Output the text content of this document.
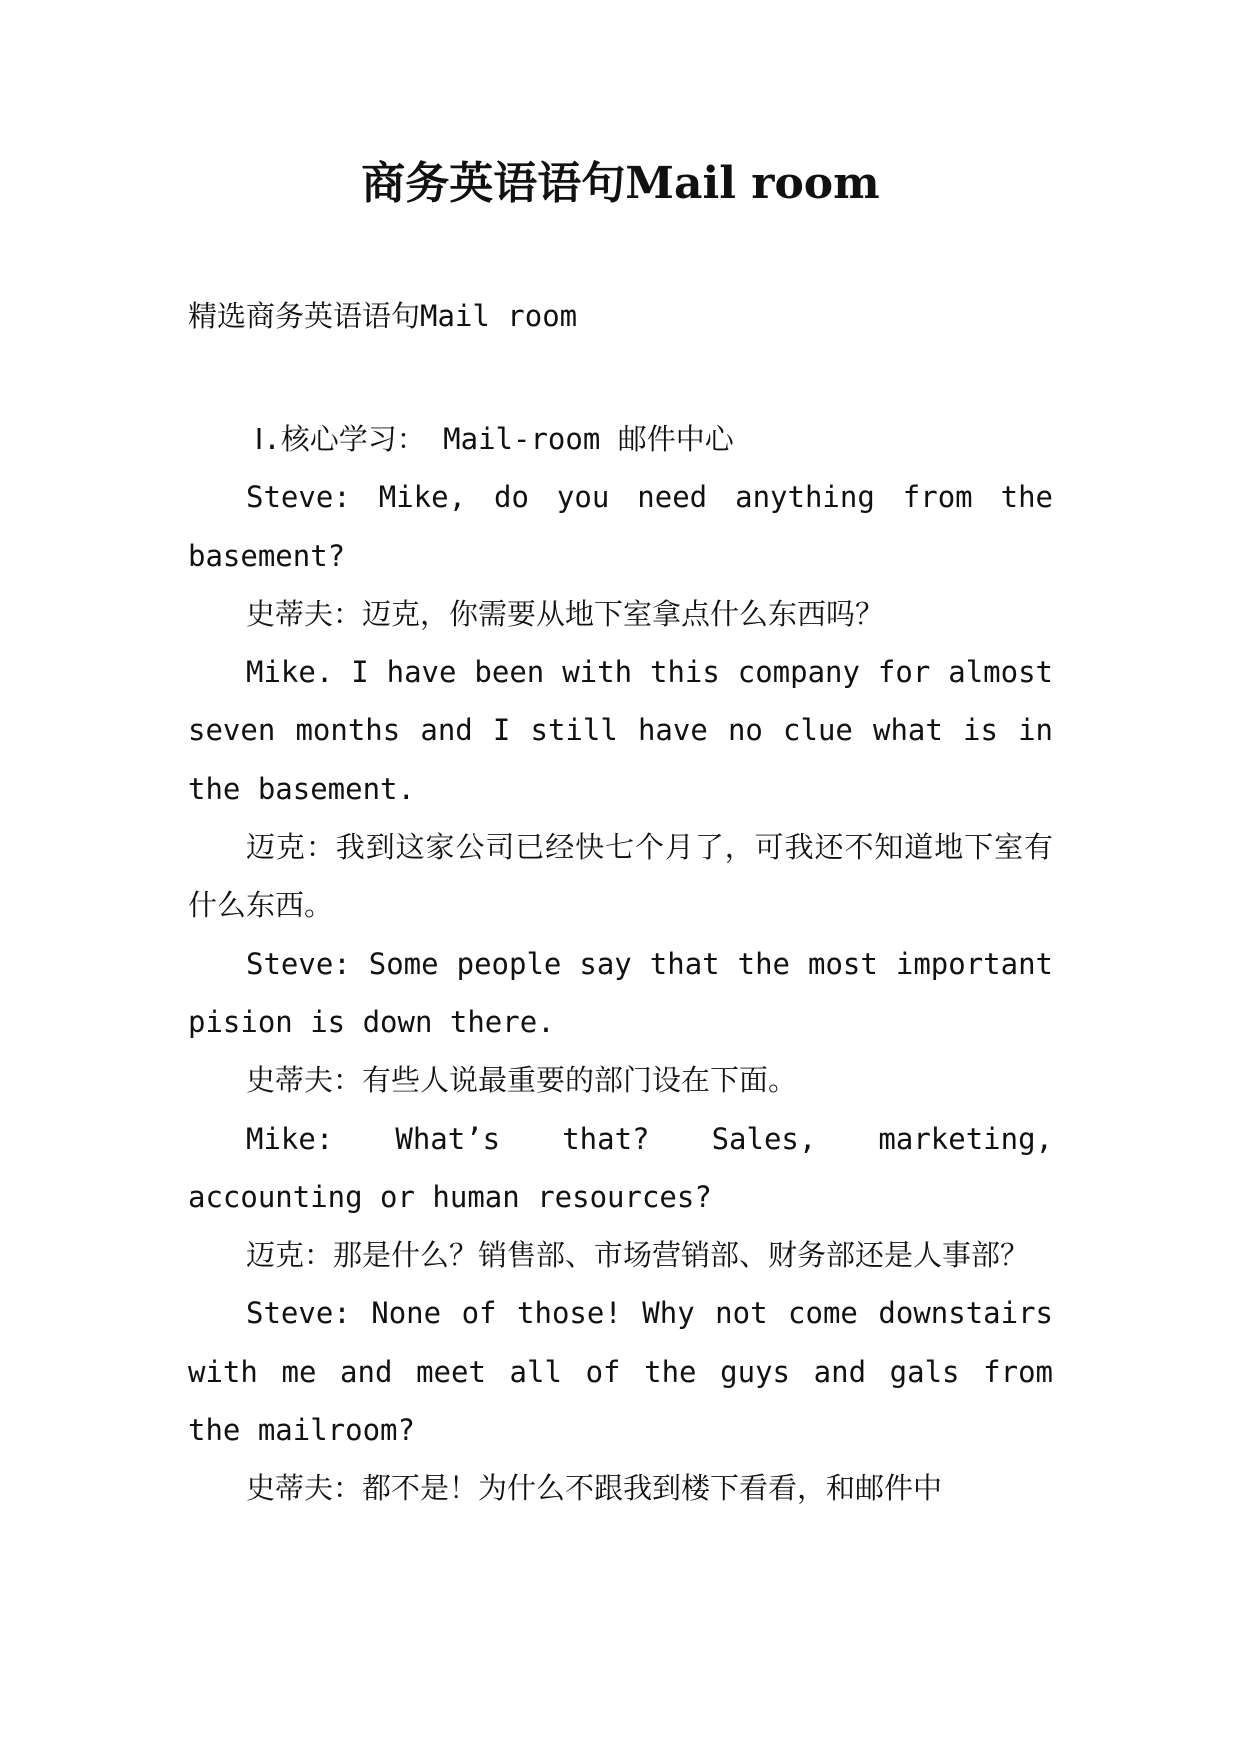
商务英语语句Mail room

精选商务英语语句Mail room

Ⅰ.核心学习： Mail-room 邮件中心

Steve: Mike, do you need anything from the basement?

史蒂夫：迈克，你需要从地下室拿点什么东西吗？

Mike. I have been with this company for almost seven months and I still have no clue what is in the basement.

迈克：我到这家公司已经快七个月了，可我还不知道地下室有什么东西。

Steve: Some people say that the most important pision is down there.

史蒂夫：有些人说最重要的部门设在下面。

Mike: What’s that? Sales, marketing, accounting or human resources?

迈克：那是什么？销售部、市场营销部、财务部还是人事部？

Steve: None of those! Why not come downstairs with me and meet all of the guys and gals from the mailroom?

史蒂夫：都不是！为什么不跟我到楼下看看，和邮件中
